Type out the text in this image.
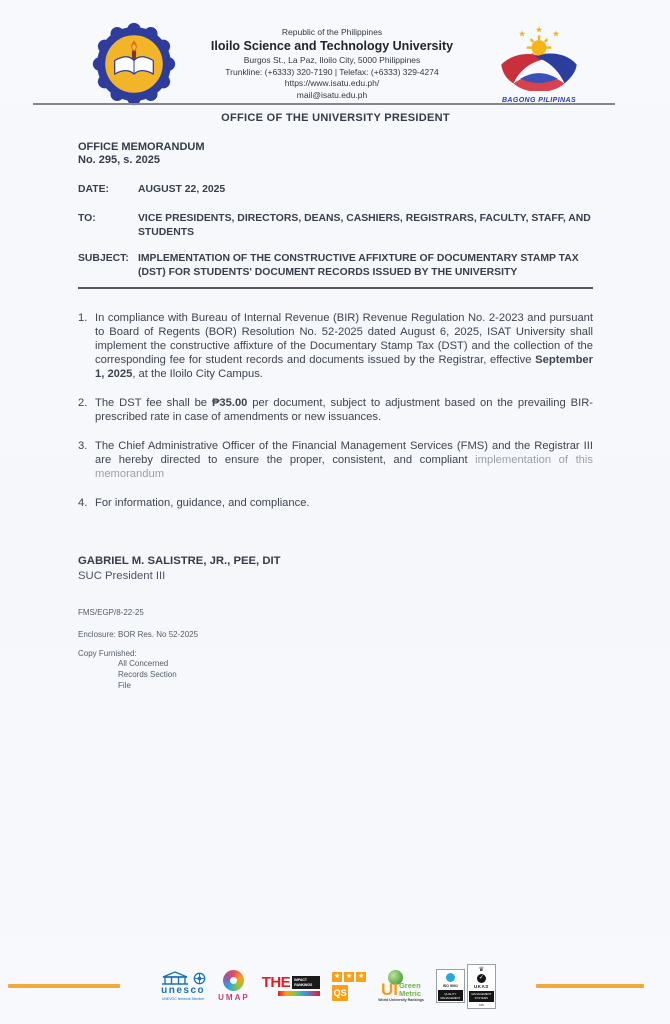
Republic of the Philippines
Iloilo Science and Technology University
Burgos St., La Paz, Iloilo City, 5000 Philippines
Trunkline: (+6333) 320-7190 | Telefax: (+6333) 329-4274
https://www.isatu.edu.ph/
mail@isatu.edu.ph
★ ★ ★
BAGONG PILIPINAS
OFFICE OF THE UNIVERSITY PRESIDENT
OFFICE MEMORANDUM
No. 295, s. 2025
DATE:	AUGUST 22, 2025
TO:	VICE PRESIDENTS, DIRECTORS, DEANS, CASHIERS, REGISTRARS, FACULTY, STAFF, AND STUDENTS
SUBJECT: IMPLEMENTATION OF THE CONSTRUCTIVE AFFIXTURE OF DOCUMENTARY STAMP TAX (DST) FOR STUDENTS' DOCUMENT RECORDS ISSUED BY THE UNIVERSITY
1. In compliance with Bureau of Internal Revenue (BIR) Revenue Regulation No. 2-2023 and pursuant to Board of Regents (BOR) Resolution No. 52-2025 dated August 6, 2025, ISAT University shall implement the constructive affixture of the Documentary Stamp Tax (DST) and the collection of the corresponding fee for student records and documents issued by the Registrar, effective September 1, 2025, at the Iloilo City Campus.
2. The DST fee shall be ₱35.00 per document, subject to adjustment based on the prevailing BIR-prescribed rate in case of amendments or new issuances.
3. The Chief Administrative Officer of the Financial Management Services (FMS) and the Registrar III are hereby directed to ensure the proper, consistent, and compliant implementation of this memorandum
4. For information, guidance, and compliance.
GABRIEL M. SALISTRE, JR., PEE, DIT
SUC President III
FMS/EGP/8-22-25
Enclosure: BOR Res. No 52-2025
Copy Furnished:
All Concerned
Records Section
File
unesco
UNEVOC Network Member UMAP
THE	IMPACT RANKINGS
★ ★ ★
QS UI Green
Metric
World University Rankings
ISO 9001
QUALITY MANAGEMENT
♛
✓
UKAS
MANAGEMENT SYSTEMS
015
